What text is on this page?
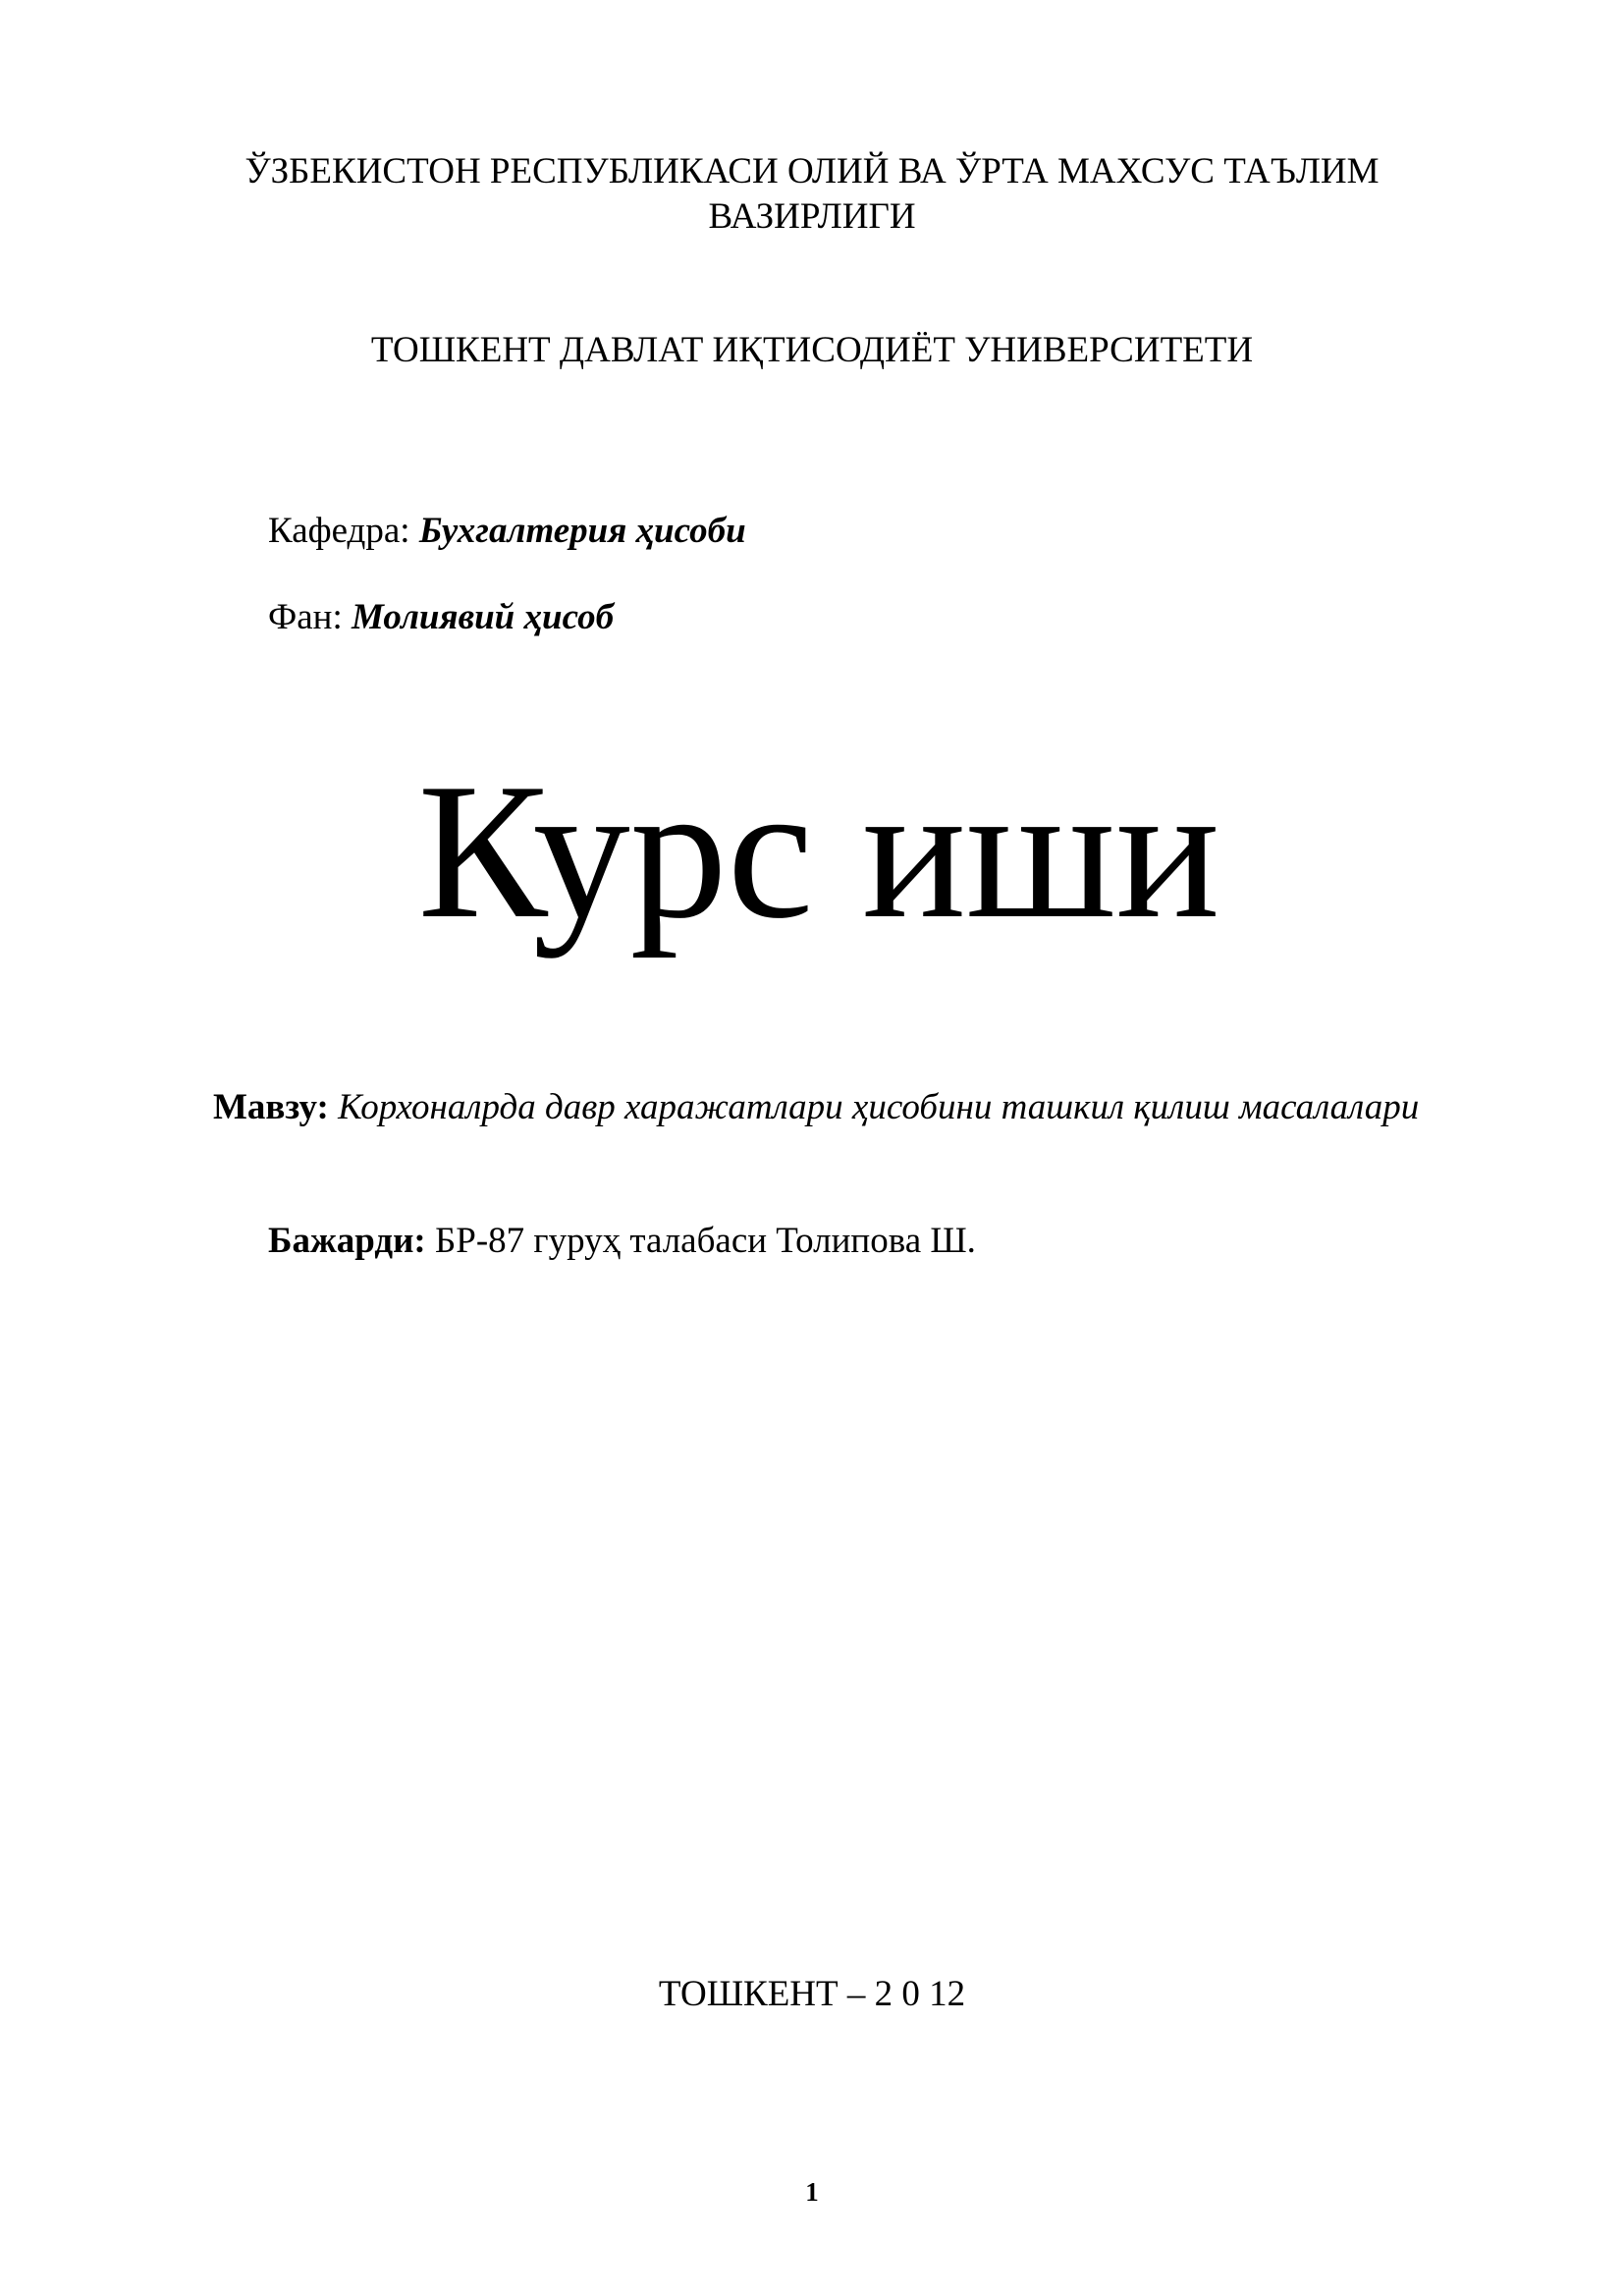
ЎЗБЕКИСТОН РЕСПУБЛИКАСИ ОЛИЙ ВА ЎРТА МАХСУС ТАЪЛИМ
ВАЗИРЛИГИ
ТОШКЕНТ ДАВЛАТ ИҚТИСОДИЁТ УНИВЕРСИТЕТИ
Кафедра: Бухгалтерия ҳисоби
Фан: Молиявий ҳисоб
Курс иши
Мавзу: Корхоналрда давр харажатлари ҳисобини ташкил қилиш масалалари
Бажарди: БР-87 гуруҳ талабаси Толипова Ш.
ТОШКЕНТ – 2 0 12
1
